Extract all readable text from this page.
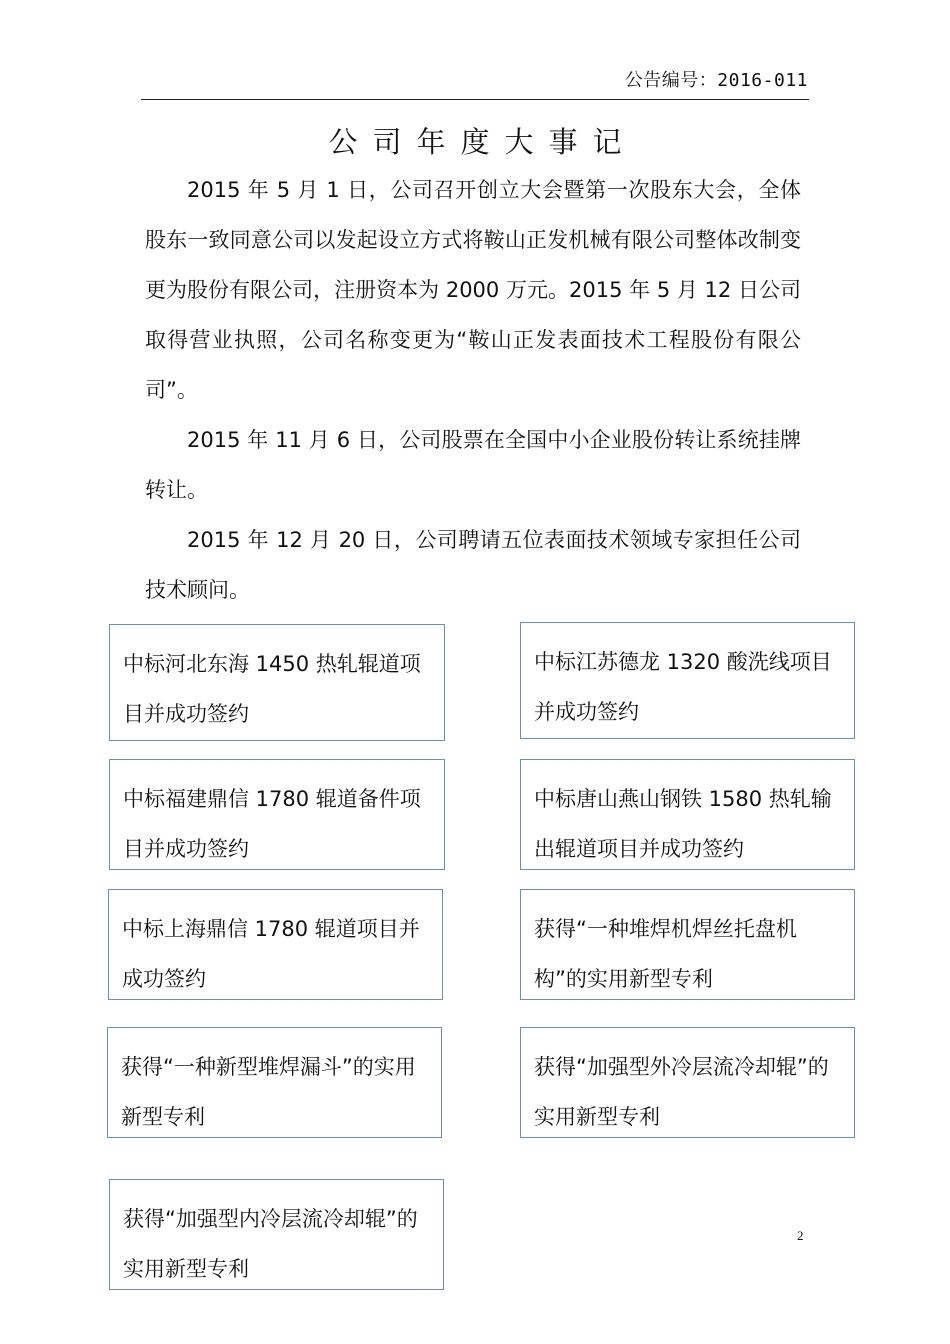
公告编号：2016-011
公司年度大事记

2015 年 5 月 1 日，公司召开创立大会暨第一次股东大会，全体股东一致同意公司以发起设立方式将鞍山正发机械有限公司整体改制变更为股份有限公司，注册资本为 2000 万元。2015 年 5 月 12 日公司取得营业执照，公司名称变更为“鞍山正发表面技术工程股份有限公司”。

2015 年 11 月 6 日，公司股票在全国中小企业股份转让系统挂牌转让。

2015 年 12 月 20 日，公司聘请五位表面技术领域专家担任公司技术顾问。

中标河北东海 1450 热轧辊道项目并成功签约
中标江苏德龙 1320 酸洗线项目并成功签约
中标福建鼎信 1780 辊道备件项目并成功签约
中标唐山燕山钢铁 1580 热轧输出辊道项目并成功签约
中标上海鼎信 1780 辊道项目并成功签约
获得“一种堆焊机焊丝托盘机构”的实用新型专利
获得“一种新型堆焊漏斗”的实用新型专利
获得“加强型外冷层流冷却辊”的实用新型专利
获得“加强型内冷层流冷却辊”的实用新型专利
2
